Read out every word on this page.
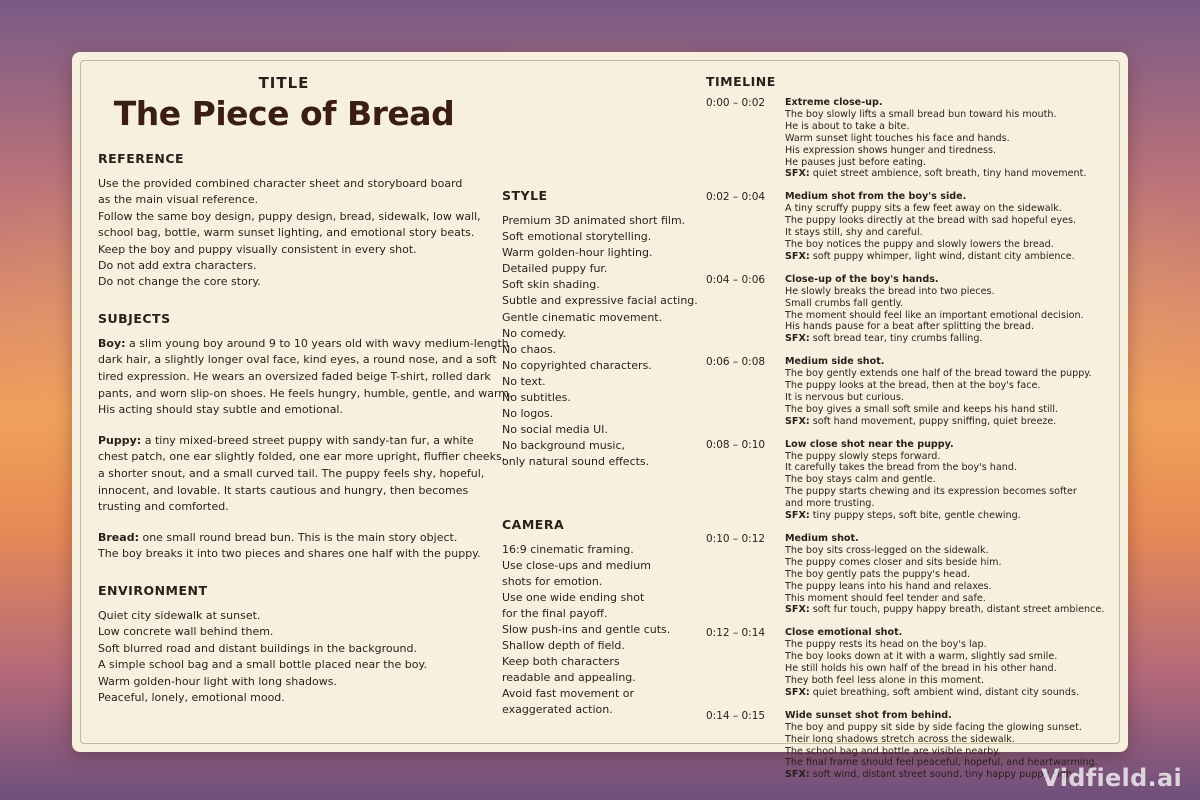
TITLE
The Piece of Bread
REFERENCE
Use the provided combined character sheet and storyboard board
as the main visual reference.
Follow the same boy design, puppy design, bread, sidewalk, low wall,
school bag, bottle, warm sunset lighting, and emotional story beats.
Keep the boy and puppy visually consistent in every shot.
Do not add extra characters.
Do not change the core story.
SUBJECTS
Boy: a slim young boy around 9 to 10 years old with wavy medium-length
dark hair, a slightly longer oval face, kind eyes, a round nose, and a soft
tired expression. He wears an oversized faded beige T-shirt, rolled dark
pants, and worn slip-on shoes. He feels hungry, humble, gentle, and warm.
His acting should stay subtle and emotional.
Puppy: a tiny mixed-breed street puppy with sandy-tan fur, a white
chest patch, one ear slightly folded, one ear more upright, fluffier cheeks,
a shorter snout, and a small curved tail. The puppy feels shy, hopeful,
innocent, and lovable. It starts cautious and hungry, then becomes
trusting and comforted.
Bread: one small round bread bun. This is the main story object.
The boy breaks it into two pieces and shares one half with the puppy.
ENVIRONMENT
Quiet city sidewalk at sunset.
Low concrete wall behind them.
Soft blurred road and distant buildings in the background.
A simple school bag and a small bottle placed near the boy.
Warm golden-hour light with long shadows.
Peaceful, lonely, emotional mood.
STYLE
Premium 3D animated short film.
Soft emotional storytelling.
Warm golden-hour lighting.
Detailed puppy fur.
Soft skin shading.
Subtle and expressive facial acting.
Gentle cinematic movement.
No comedy.
No chaos.
No copyrighted characters.
No text.
No subtitles.
No logos.
No social media UI.
No background music,
only natural sound effects.
CAMERA
16:9 cinematic framing.
Use close-ups and medium
shots for emotion.
Use one wide ending shot
for the final payoff.
Slow push-ins and gentle cuts.
Shallow depth of field.
Keep both characters
readable and appealing.
Avoid fast movement or
exaggerated action.
TIMELINE
0:00 – 0:02 Extreme close-up.
The boy slowly lifts a small bread bun toward his mouth.
He is about to take a bite.
Warm sunset light touches his face and hands.
His expression shows hunger and tiredness.
He pauses just before eating.
SFX: quiet street ambience, soft breath, tiny hand movement.
0:02 – 0:04 Medium shot from the boy's side.
A tiny scruffy puppy sits a few feet away on the sidewalk.
The puppy looks directly at the bread with sad hopeful eyes.
It stays still, shy and careful.
The boy notices the puppy and slowly lowers the bread.
SFX: soft puppy whimper, light wind, distant city ambience.
0:04 – 0:06 Close-up of the boy's hands.
He slowly breaks the bread into two pieces.
Small crumbs fall gently.
The moment should feel like an important emotional decision.
His hands pause for a beat after splitting the bread.
SFX: soft bread tear, tiny crumbs falling.
0:06 – 0:08 Medium side shot.
The boy gently extends one half of the bread toward the puppy.
The puppy looks at the bread, then at the boy's face.
It is nervous but curious.
The boy gives a small soft smile and keeps his hand still.
SFX: soft hand movement, puppy sniffing, quiet breeze.
0:08 – 0:10 Low close shot near the puppy.
The puppy slowly steps forward.
It carefully takes the bread from the boy's hand.
The boy stays calm and gentle.
The puppy starts chewing and its expression becomes softer
and more trusting.
SFX: tiny puppy steps, soft bite, gentle chewing.
0:10 – 0:12 Medium shot.
The boy sits cross-legged on the sidewalk.
The puppy comes closer and sits beside him.
The boy gently pats the puppy's head.
The puppy leans into his hand and relaxes.
This moment should feel tender and safe.
SFX: soft fur touch, puppy happy breath, distant street ambience.
0:12 – 0:14 Close emotional shot.
The puppy rests its head on the boy's lap.
The boy looks down at it with a warm, slightly sad smile.
He still holds his own half of the bread in his other hand.
They both feel less alone in this moment.
SFX: quiet breathing, soft ambient wind, distant city sounds.
0:14 – 0:15 Wide sunset shot from behind.
The boy and puppy sit side by side facing the glowing sunset.
Their long shadows stretch across the sidewalk.
The school bag and bottle are visible nearby.
The final frame should feel peaceful, hopeful, and heartwarming.
SFX: soft wind, distant street sound, tiny happy puppy sigh.
Vidfield.ai
